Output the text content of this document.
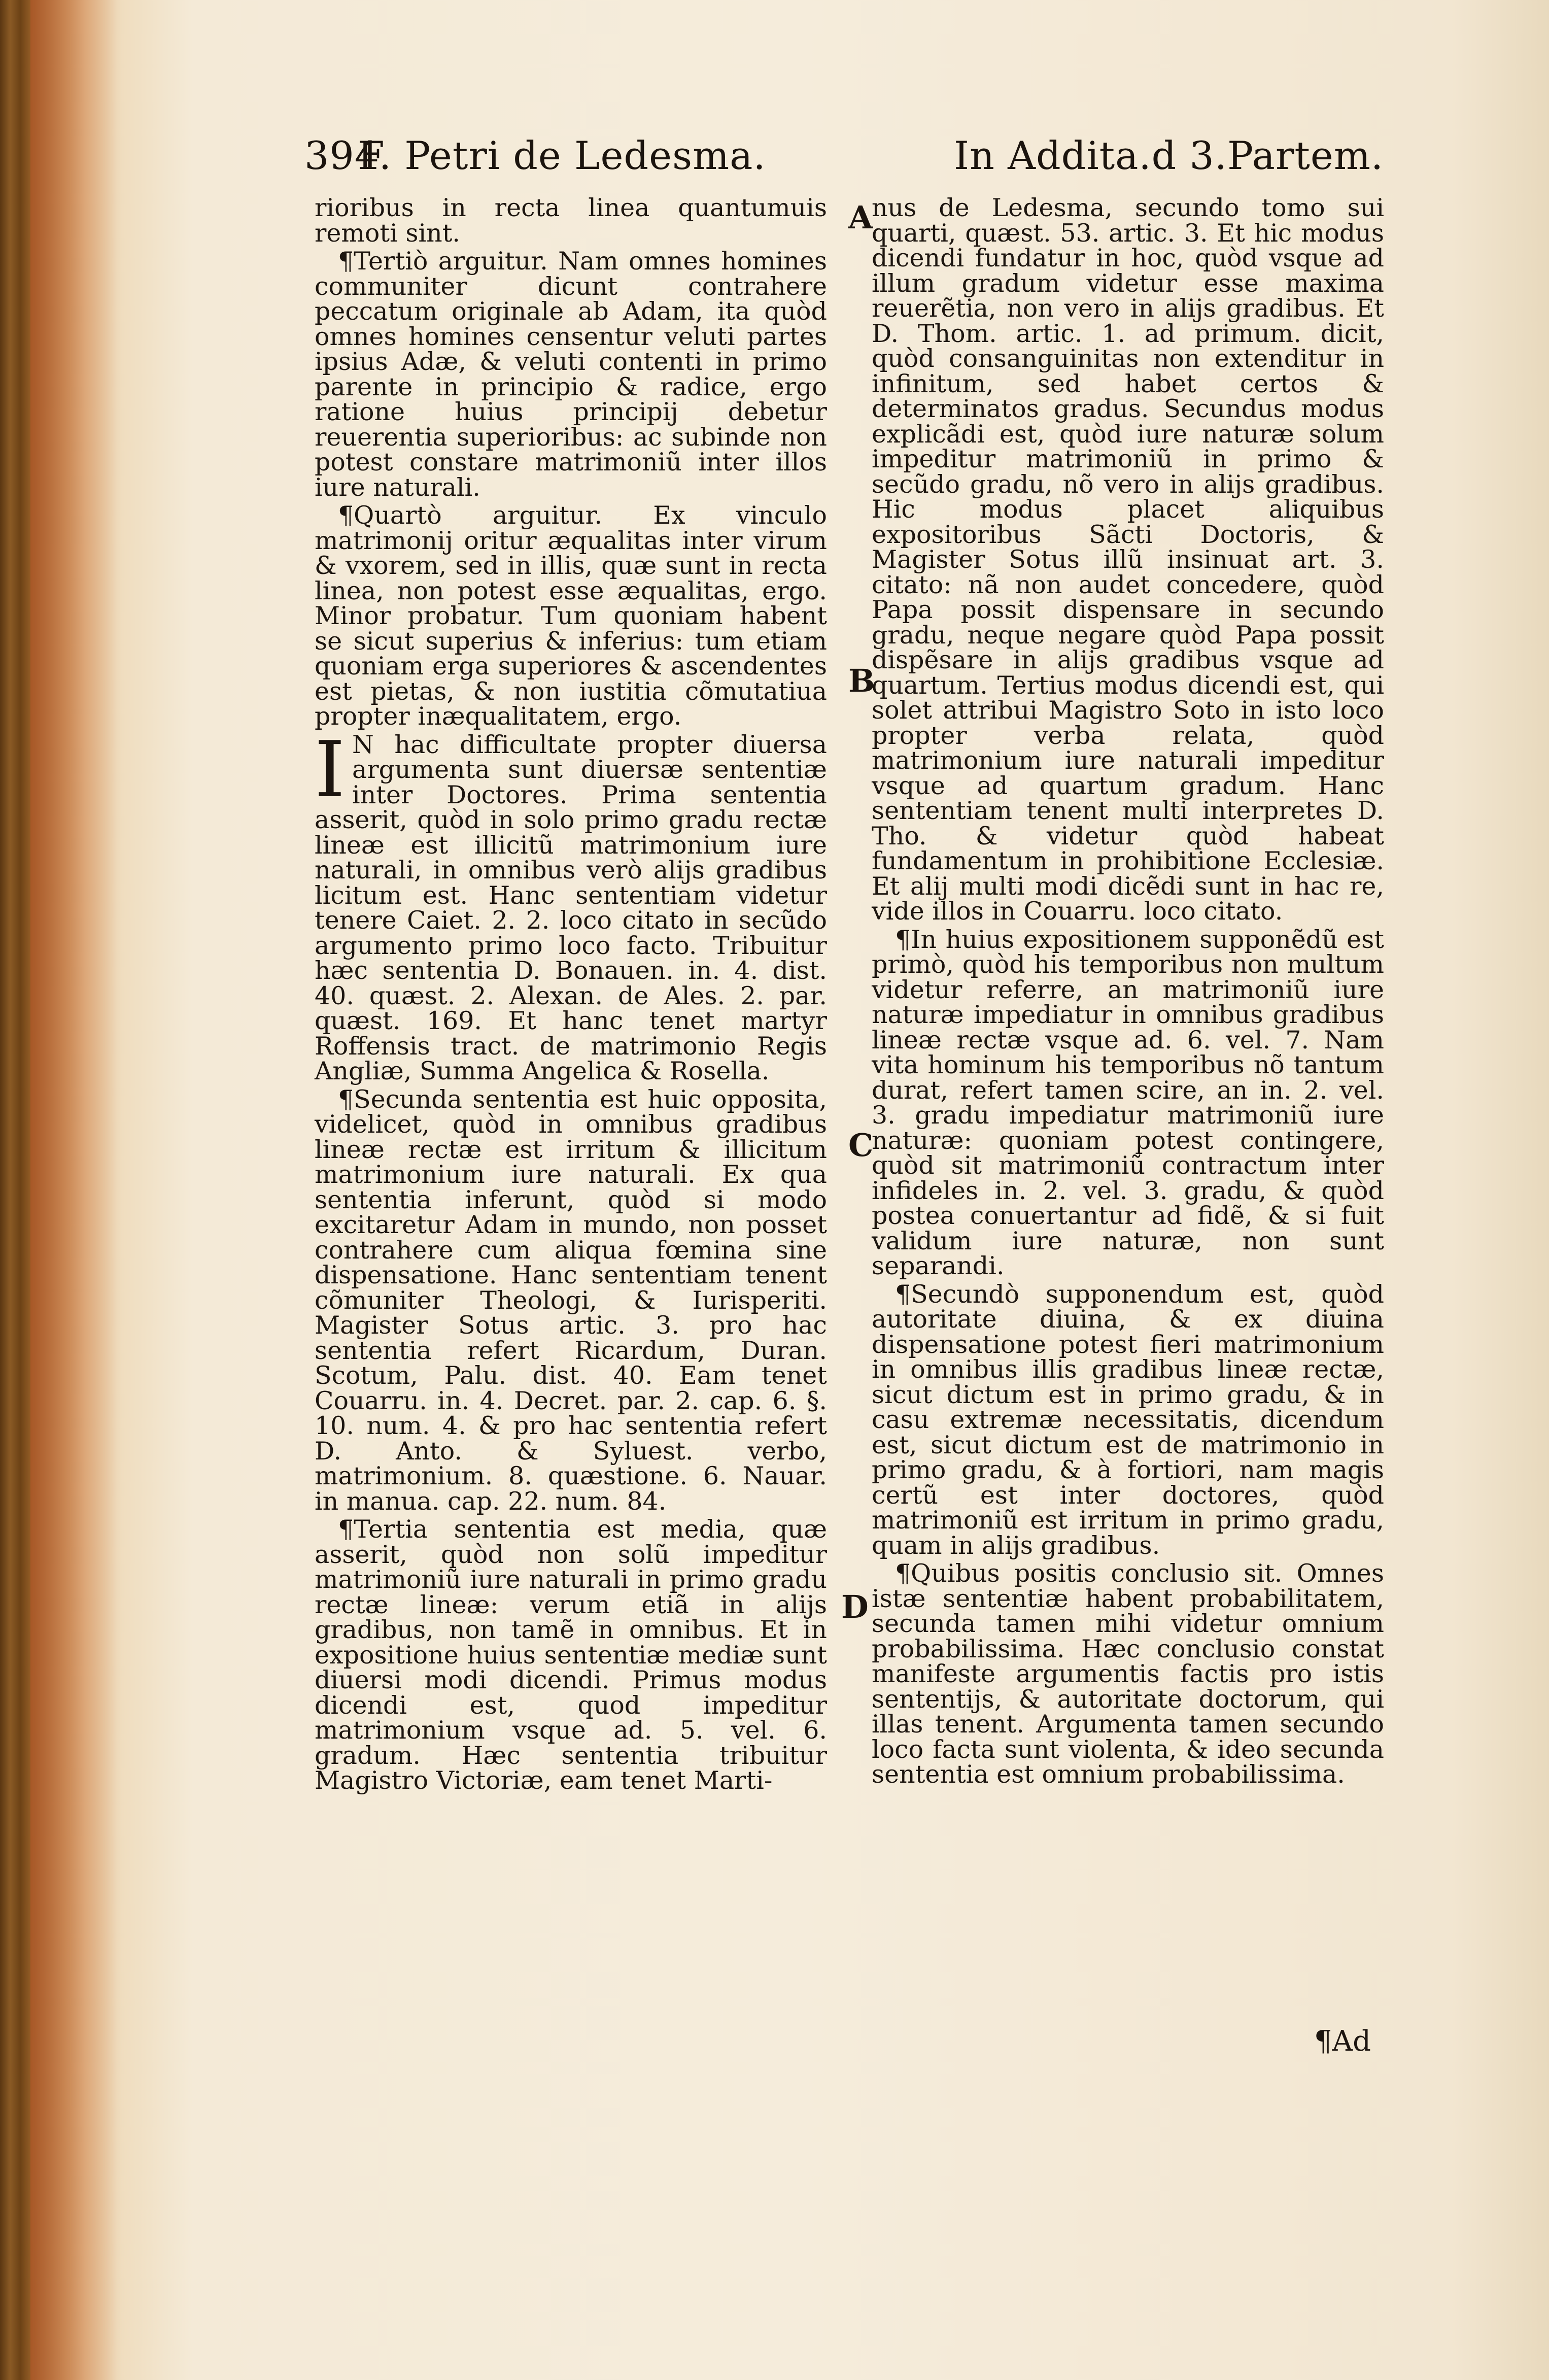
394
F. Petri de Ledesma.	In Addita.d 3.Partem.

rioribus in recta linea quantumuis remoti sint.

¶Tertiò arguitur. Nam omnes homines communiter dicunt contrahere peccatum originale ab Adam, ita quòd omnes homines censentur veluti partes ipsius Adæ, & veluti contenti in primo parente in principio & radice, ergo ratione huius principij debetur reuerentia superioribus: ac subinde non potest constare matrimoniũ inter illos iure naturali.

¶Quartò arguitur. Ex vinculo matrimonij oritur æqualitas inter virum & vxorem, sed in illis, quæ sunt in recta linea, non potest esse æqualitas, ergo. Minor probatur. Tum quoniam habent se sicut superius & inferius: tum etiam quoniam erga superiores & ascendentes est pietas, & non iustitia cõmutatiua propter inæqualitatem, ergo.

I N hac difficultate propter diuersa argumenta sunt diuersæ sententiæ inter Doctores. Prima sententia asserit, quòd in solo primo gradu rectæ lineæ est illicitũ matrimonium iure naturali, in omnibus verò alijs gradibus licitum est. Hanc sententiam videtur tenere Caiet. 2. 2. loco citato in secũdo argumento primo loco facto. Tribuitur hæc sententia D. Bonauen. in. 4. dist. 40. quæst. 2. Alexan. de Ales. 2. par. quæst. 169. Et hanc tenet martyr Roffensis tract. de matrimonio Regis Angliæ, Summa Angelica & Rosella.

¶Secunda sententia est huic opposita, videlicet, quòd in omnibus gradibus lineæ rectæ est irritum & illicitum matrimonium iure naturali. Ex qua sententia inferunt, quòd si modo excitaretur Adam in mundo, non posset contrahere cum aliqua fœmina sine dispensatione. Hanc sententiam tenent cõmuniter Theologi, & Iurisperiti. Magister Sotus artic. 3. pro hac sententia refert Ricardum, Duran. Scotum, Palu. dist. 40. Eam tenet Couarru. in. 4. Decret. par. 2. cap. 6. §. 10. num. 4. & pro hac sententia refert D. Anto. & Syluest. verbo, matrimonium. 8. quæstione. 6. Nauar. in manua. cap. 22. num. 84.

¶Tertia sententia est media, quæ asserit, quòd non solũ impeditur matrimoniũ iure naturali in primo gradu rectæ lineæ: verum etiã in alijs gradibus, non tamẽ in omnibus. Et in expositione huius sententiæ mediæ sunt diuersi modi dicendi. Primus modus dicendi est, quod impeditur matrimonium vsque ad. 5. vel. 6. gradum. Hæc sententia tribuitur Magistro Victoriæ, eam tenet Marti-

nus de Ledesma, secundo tomo sui quarti, quæst. 53. artic. 3. Et hic modus dicendi fundatur in hoc, quòd vsque ad illum gradum videtur esse maxima reuerẽtia, non vero in alijs gradibus. Et D. Thom. artic. 1. ad primum. dicit, quòd consanguinitas non extenditur in infinitum, sed habet certos & determinatos gradus. Secundus modus explicãdi est, quòd iure naturæ solum impeditur matrimoniũ in primo & secũdo gradu, nõ vero in alijs gradibus. Hic modus placet aliquibus expositoribus Sãcti Doctoris, & Magister Sotus illũ insinuat art. 3. citato: nã non audet concedere, quòd Papa possit dispensare in secundo gradu, neque negare quòd Papa possit dispẽsare in alijs gradibus vsque ad quartum. Tertius modus dicendi est, qui solet attribui Magistro Soto in isto loco propter verba relata, quòd matrimonium iure naturali impeditur vsque ad quartum gradum. Hanc sententiam tenent multi interpretes D. Tho. & videtur quòd habeat fundamentum in prohibitione Ecclesiæ. Et alij multi modi dicẽdi sunt in hac re, vide illos in Couarru. loco citato.

¶In huius expositionem supponẽdũ est primò, quòd his temporibus non multum videtur referre, an matrimoniũ iure naturæ impediatur in omnibus gradibus lineæ rectæ vsque ad. 6. vel. 7. Nam vita hominum his temporibus nõ tantum durat, refert tamen scire, an in. 2. vel. 3. gradu impediatur matrimoniũ iure naturæ: quoniam potest contingere, quòd sit matrimoniũ contractum inter infideles in. 2. vel. 3. gradu, & quòd postea conuertantur ad fidẽ, & si fuit validum iure naturæ, non sunt separandi.

¶Secundò supponendum est, quòd autoritate diuina, & ex diuina dispensatione potest fieri matrimonium in omnibus illis gradibus lineæ rectæ, sicut dictum est in primo gradu, & in casu extremæ necessitatis, dicendum est, sicut dictum est de matrimonio in primo gradu, & à fortiori, nam magis certũ est inter doctores, quòd matrimoniũ est irritum in primo gradu, quam in alijs gradibus.

¶Quibus positis conclusio sit. Omnes istæ sententiæ habent probabilitatem, secunda tamen mihi videtur omnium probabilissima. Hæc conclusio constat manifeste argumentis factis pro istis sententijs, & autoritate doctorum, qui illas tenent. Argumenta tamen secundo loco facta sunt violenta, & ideo secunda sententia est omnium probabilissima.

A
B
C
D
¶Ad
